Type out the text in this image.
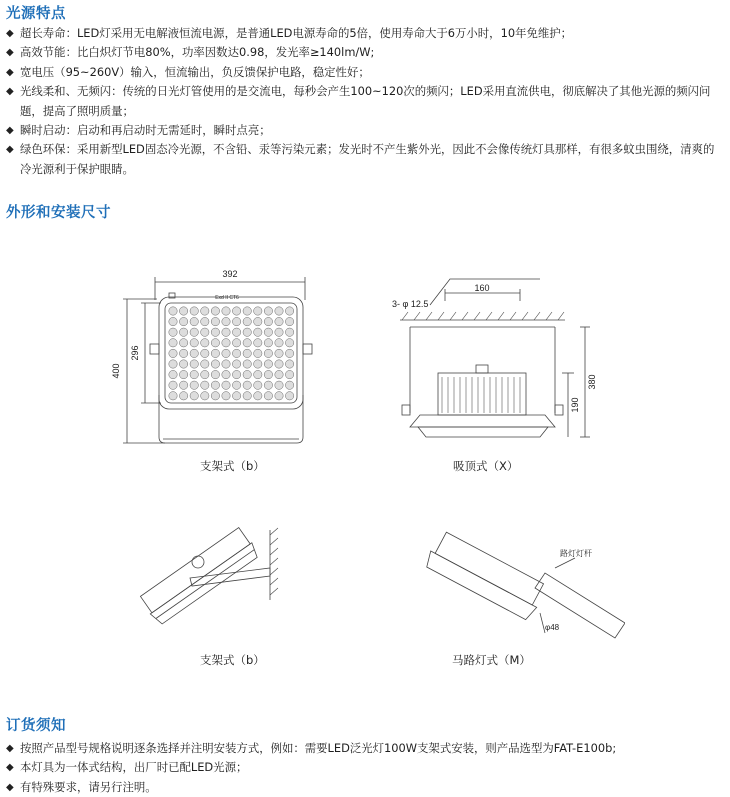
光源特点
◆ 超长寿命：LED灯采用无电解液恒流电源，是普通LED电源寿命的5倍，使用寿命大于6万小时，10年免维护；
◆ 高效节能：比白炽灯节电80%，功率因数达0.98，发光率≥140lm/W;
◆ 宽电压（95~260V）输入，恒流输出，负反馈保护电路，稳定性好；
◆ 光线柔和、无频闪：传统的日光灯管使用的是交流电，每秒会产生100~120次的频闪；LED采用直流供电，彻底解决了其他光源的频闪问题，提高了照明质量；
◆ 瞬时启动：启动和再启动时无需延时，瞬时点亮；
◆ 绿色环保：采用新型LED固态冷光源，不含铅、汞等污染元素；发光时不产生紫外光，因此不会像传统灯具那样，有很多蚊虫围绕，清爽的冷光源利于保护眼睛。
外形和安装尺寸
392
400
296
Exd II CT6
支架式（b）
3- φ 12.5
160
380
190
吸顶式（X）
支架式（b）
路灯灯杆
φ48
马路灯式（M）
订货须知
◆ 按照产品型号规格说明逐条选择并注明安装方式，例如：需要LED泛光灯100W支架式安装，则产品选型为FAT-E100b;
◆ 本灯具为一体式结构，出厂时已配LED光源；
◆ 有特殊要求，请另行注明。
